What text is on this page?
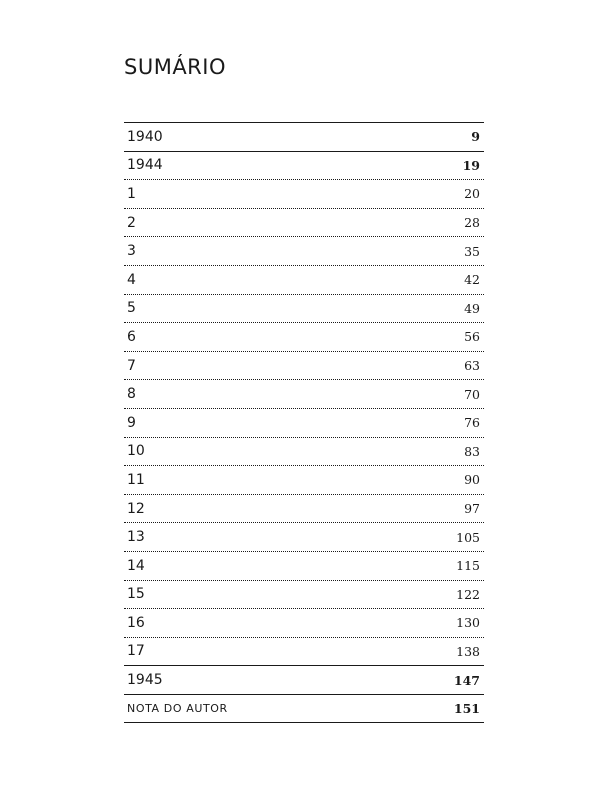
SUMÁRIO
1940	9
1944	19
1	20
2	28
3	35
4	42
5	49
6	56
7	63
8	70
9	76
10	83
11	90
12	97
13	105
14	115
15	122
16	130
17	138
1945	147
NOTA DO AUTOR	151
